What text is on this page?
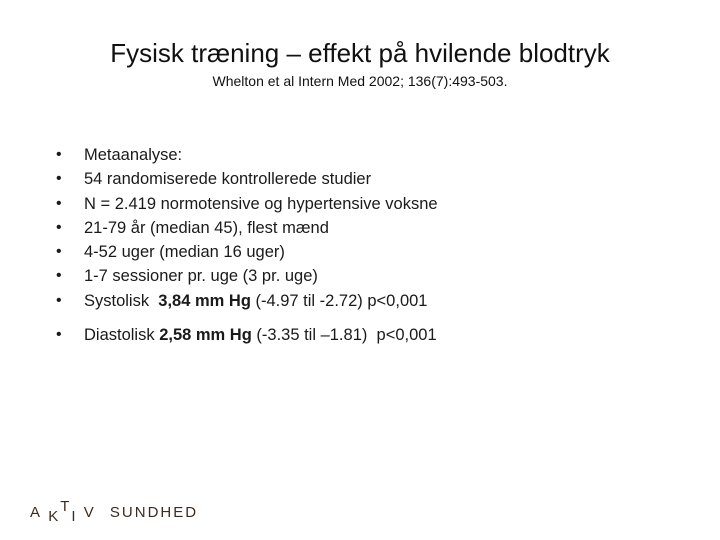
Fysisk træning – effekt på hvilende blodtryk
Whelton et al Intern Med 2002; 136(7):493-503.
• Metaanalyse:
• 54 randomiserede kontrollerede studier
• N = 2.419 normotensive og hypertensive voksne
• 21-79 år (median 45), flest mænd
• 4-52 uger (median 16 uger)
• 1-7 sessioner pr. uge (3 pr. uge)
• Systolisk  3,84 mm Hg (-4.97 til -2.72) p<0,001
• Diastolisk 2,58 mm Hg (-3.35 til –1.81)  p<0,001
A KTI V SUNDHED
